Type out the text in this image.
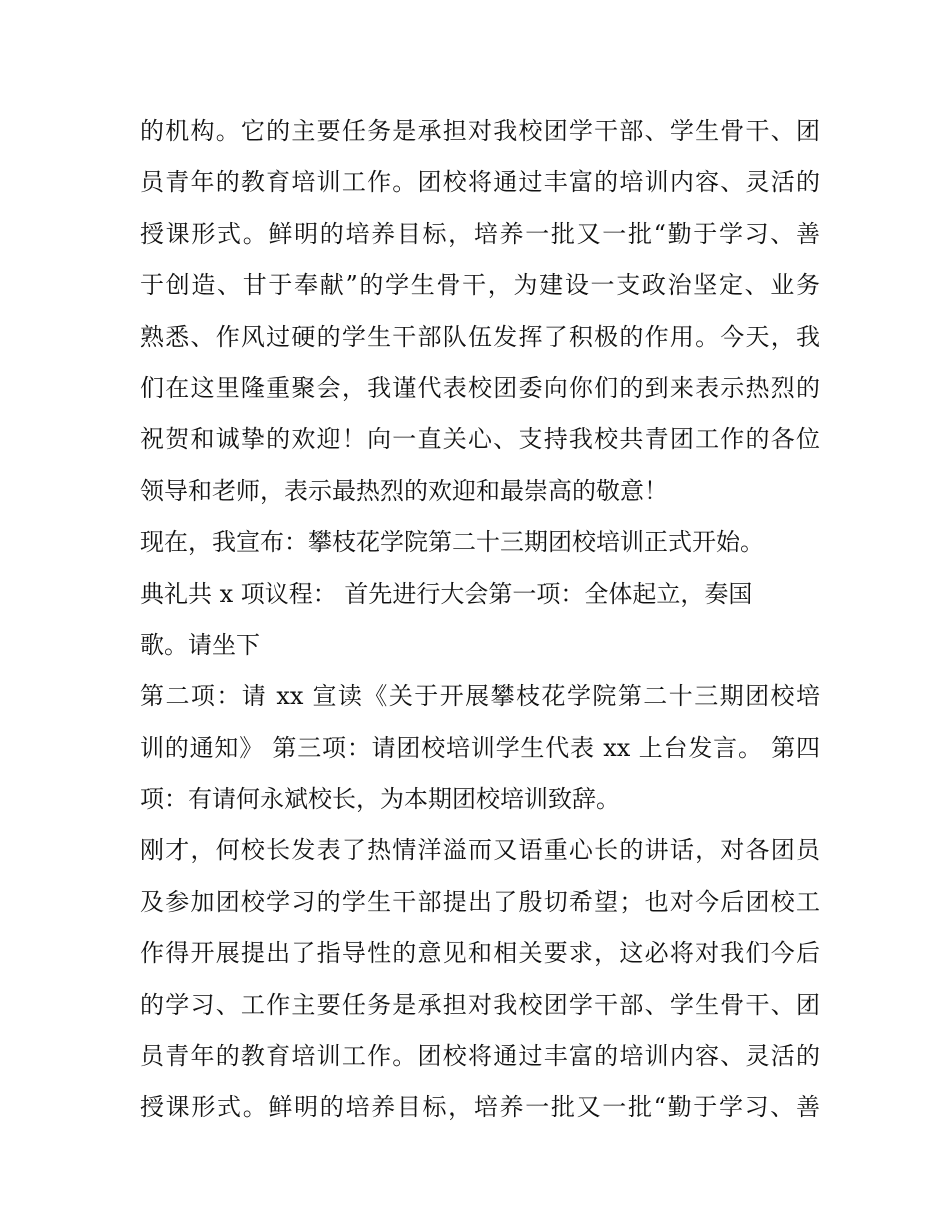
的机构。它的主要任务是承担对我校团学干部、学生骨干、团
员青年的教育培训工作。团校将通过丰富的培训内容、灵活的
授课形式。鲜明的培养目标，培养一批又一批“勤于学习、善
于创造、甘于奉献”的学生骨干，为建设一支政治坚定、业务
熟悉、作风过硬的学生干部队伍发挥了积极的作用。今天，我
们在这里隆重聚会，我谨代表校团委向你们的到来表示热烈的
祝贺和诚挚的欢迎！向一直关心、支持我校共青团工作的各位
领导和老师，表示最热烈的欢迎和最崇高的敬意！
现在，我宣布：攀枝花学院第二十三期团校培训正式开始。
典礼共 x 项议程： 首先进行大会第一项：全体起立，奏国
歌。请坐下
第二项：请 xx 宣读《关于开展攀枝花学院第二十三期团校培
训的通知》 第三项：请团校培训学生代表 xx 上台发言。 第四
项：有请何永斌校长，为本期团校培训致辞。
刚才，何校长发表了热情洋溢而又语重心长的讲话，对各团员
及参加团校学习的学生干部提出了殷切希望；也对今后团校工
作得开展提出了指导性的意见和相关要求，这必将对我们今后
的学习、工作主要任务是承担对我校团学干部、学生骨干、团
员青年的教育培训工作。团校将通过丰富的培训内容、灵活的
授课形式。鲜明的培养目标，培养一批又一批“勤于学习、善
